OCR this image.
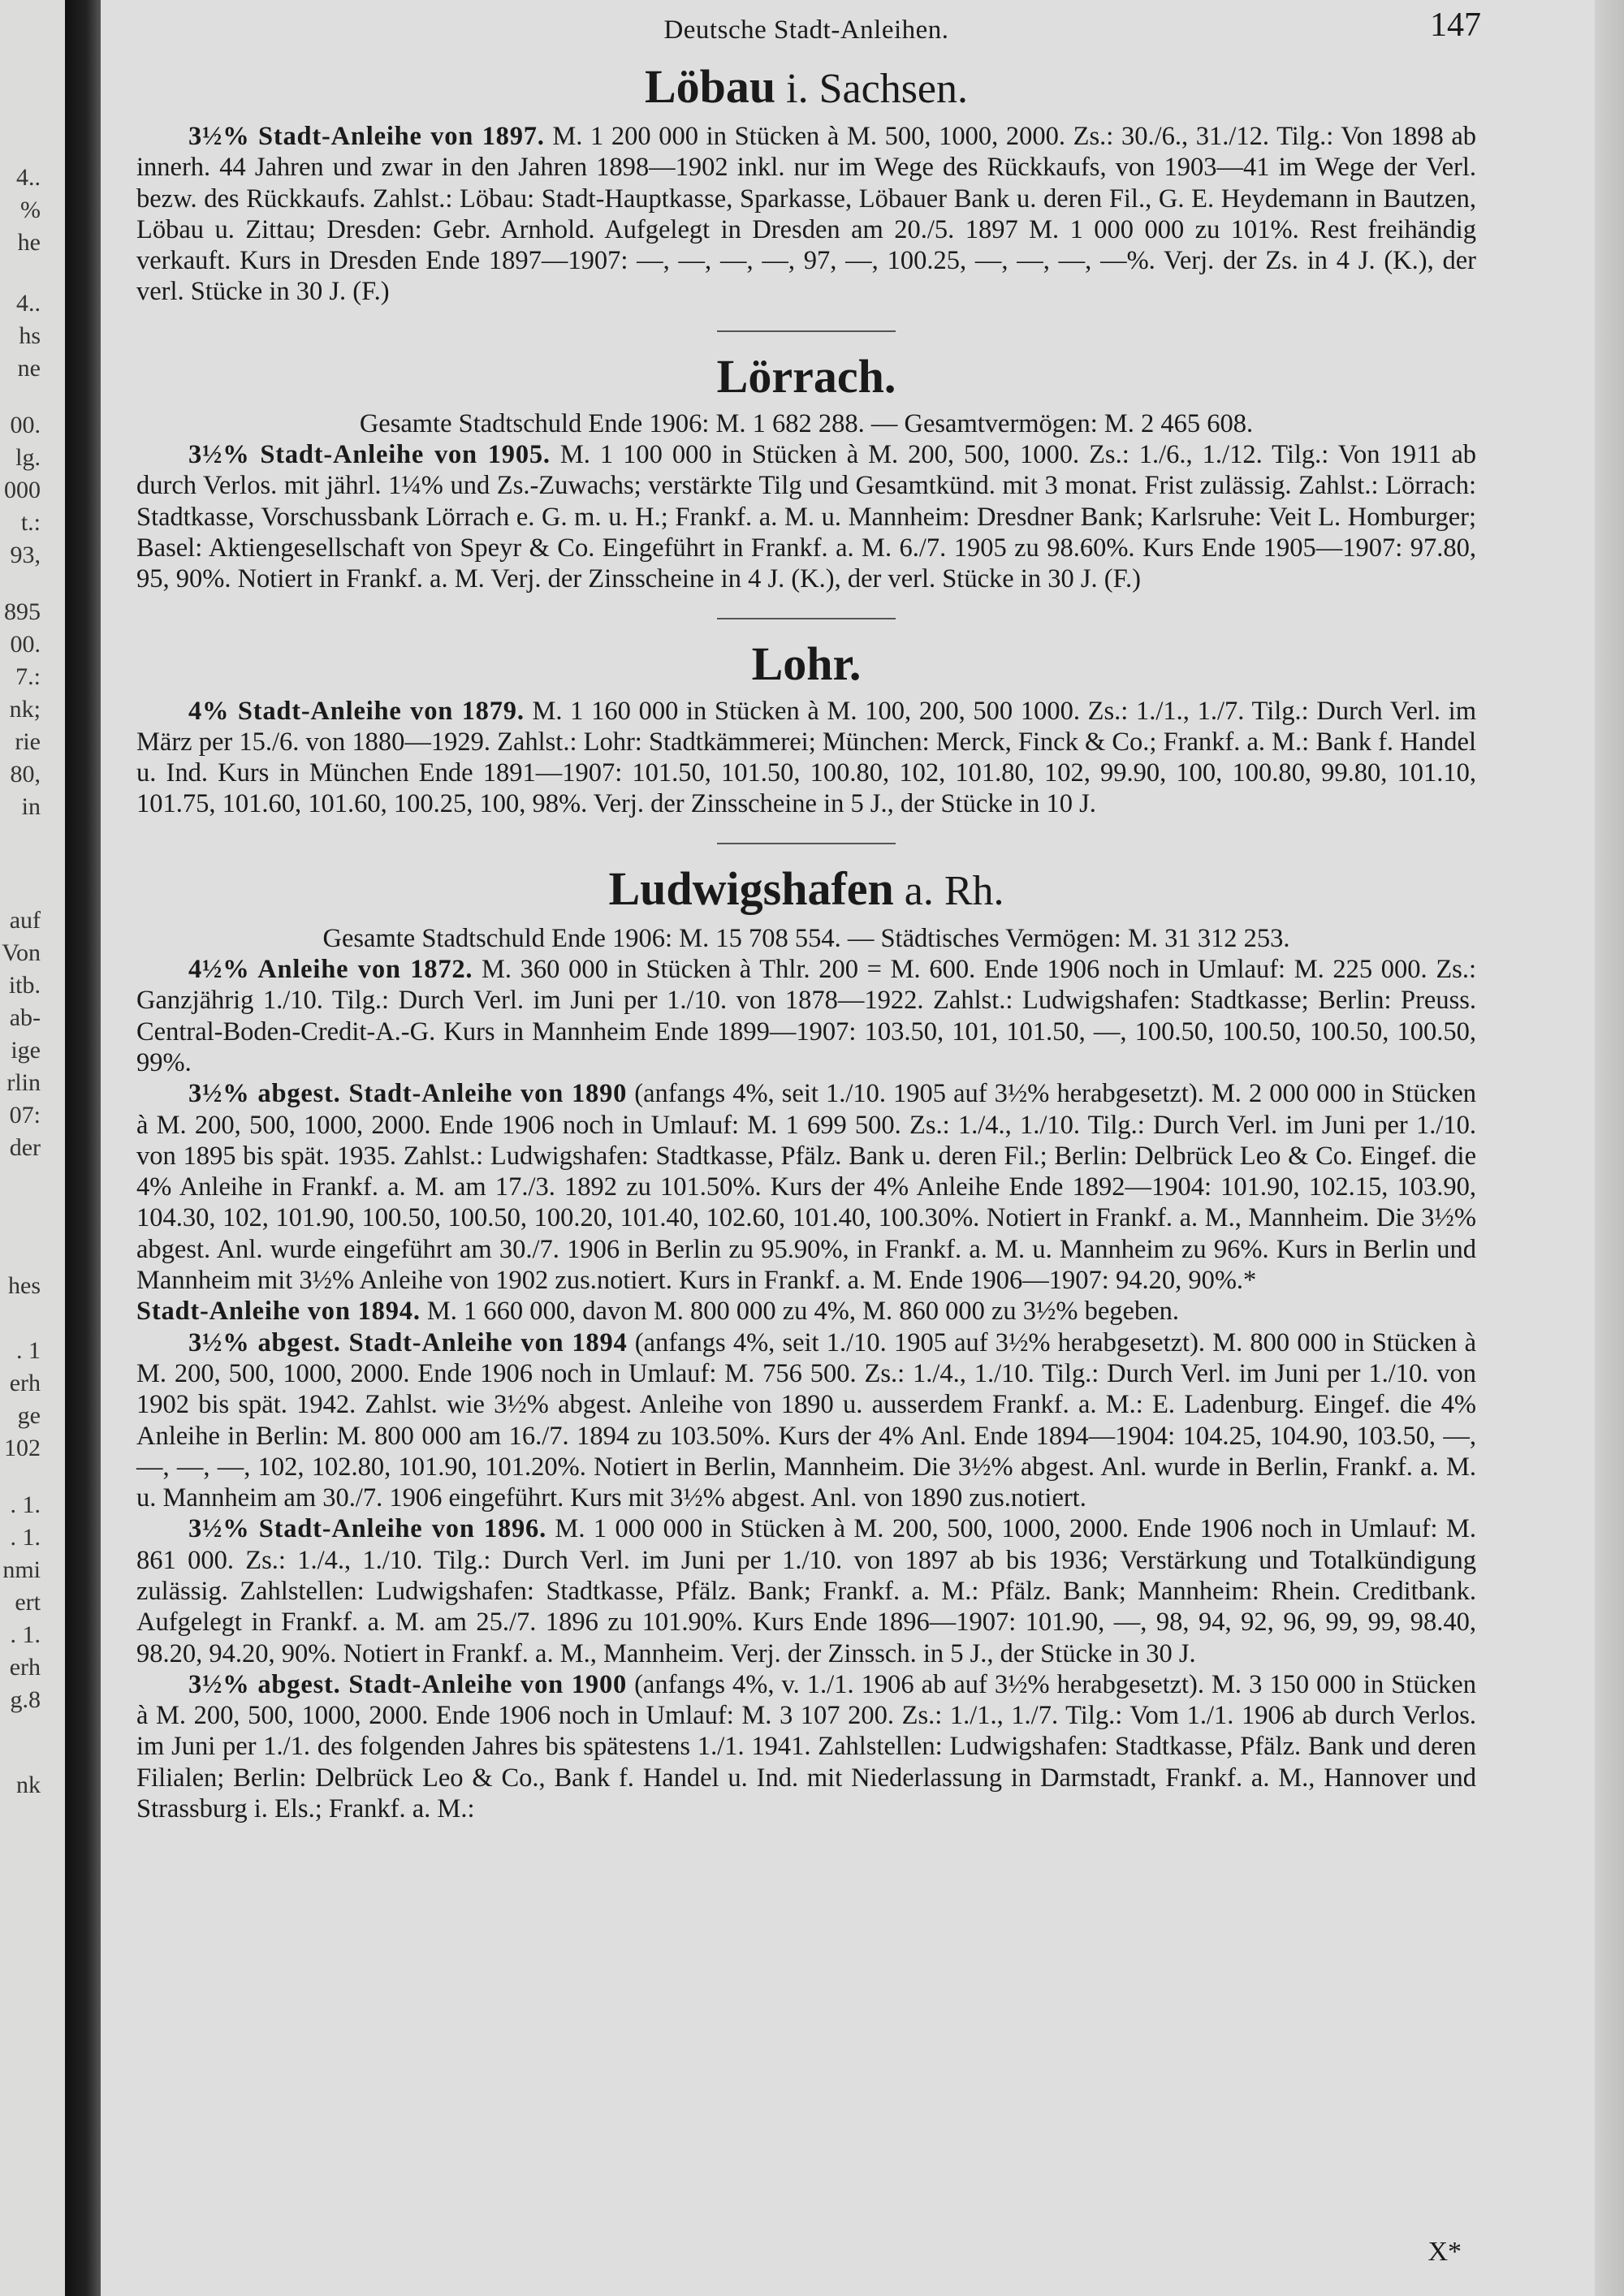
4..
%
he
4..
hs
ne
00.
lg.
000
t.:
93,
895
00.
7.:
nk;
rie
80,
in
auf
Von
itb.
ab-
ige
rlin
07:
der
hes
. 1
erh
ge
102
. 1.
. 1.
nmi
ert
. 1.
erh
g.8
nk
Deutsche Stadt-Anleihen.	147
Löbau i. Sachsen.

3½% Stadt-Anleihe von 1897. M. 1 200 000 in Stücken à M. 500, 1000, 2000. Zs.: 30./6., 31./12. Tilg.: Von 1898 ab innerh. 44 Jahren und zwar in den Jahren 1898—1902 inkl. nur im Wege des Rückkaufs, von 1903—41 im Wege der Verl. bezw. des Rückkaufs. Zahlst.: Löbau: Stadt-Hauptkasse, Sparkasse, Löbauer Bank u. deren Fil., G. E. Heydemann in Bautzen, Löbau u. Zittau; Dresden: Gebr. Arnhold. Aufgelegt in Dresden am 20./5. 1897 M. 1 000 000 zu 101%. Rest freihändig verkauft. Kurs in Dresden Ende 1897—1907: —, —, —, —, 97, —, 100.25, —, —, —, —%. Verj. der Zs. in 4 J. (K.), der verl. Stücke in 30 J. (F.)

Lörrach.

Gesamte Stadtschuld Ende 1906: M. 1 682 288. — Gesamtvermögen: M. 2 465 608.

3½% Stadt-Anleihe von 1905. M. 1 100 000 in Stücken à M. 200, 500, 1000. Zs.: 1./6., 1./12. Tilg.: Von 1911 ab durch Verlos. mit jährl. 1¼% und Zs.-Zuwachs; verstärkte Tilg und Gesamtkünd. mit 3 monat. Frist zulässig. Zahlst.: Lörrach: Stadtkasse, Vorschussbank Lörrach e. G. m. u. H.; Frankf. a. M. u. Mannheim: Dresdner Bank; Karlsruhe: Veit L. Homburger; Basel: Aktiengesellschaft von Speyr & Co. Eingeführt in Frankf. a. M. 6./7. 1905 zu 98.60%. Kurs Ende 1905—1907: 97.80, 95, 90%. Notiert in Frankf. a. M. Verj. der Zinsscheine in 4 J. (K.), der verl. Stücke in 30 J. (F.)

Lohr.

4% Stadt-Anleihe von 1879. M. 1 160 000 in Stücken à M. 100, 200, 500 1000. Zs.: 1./1., 1./7. Tilg.: Durch Verl. im März per 15./6. von 1880—1929. Zahlst.: Lohr: Stadtkämmerei; München: Merck, Finck & Co.; Frankf. a. M.: Bank f. Handel u. Ind. Kurs in München Ende 1891—1907: 101.50, 101.50, 100.80, 102, 101.80, 102, 99.90, 100, 100.80, 99.80, 101.10, 101.75, 101.60, 101.60, 100.25, 100, 98%. Verj. der Zinsscheine in 5 J., der Stücke in 10 J.

Ludwigshafen a. Rh.

Gesamte Stadtschuld Ende 1906: M. 15 708 554. — Städtisches Vermögen: M. 31 312 253.

4½% Anleihe von 1872. M. 360 000 in Stücken à Thlr. 200 = M. 600. Ende 1906 noch in Umlauf: M. 225 000. Zs.: Ganzjährig 1./10. Tilg.: Durch Verl. im Juni per 1./10. von 1878—1922. Zahlst.: Ludwigshafen: Stadtkasse; Berlin: Preuss. Central-Boden-Credit-A.-G. Kurs in Mannheim Ende 1899—1907: 103.50, 101, 101.50, —, 100.50, 100.50, 100.50, 100.50, 99%.

3½% abgest. Stadt-Anleihe von 1890 (anfangs 4%, seit 1./10. 1905 auf 3½% herabgesetzt). M. 2 000 000 in Stücken à M. 200, 500, 1000, 2000. Ende 1906 noch in Umlauf: M. 1 699 500. Zs.: 1./4., 1./10. Tilg.: Durch Verl. im Juni per 1./10. von 1895 bis spät. 1935. Zahlst.: Ludwigshafen: Stadtkasse, Pfälz. Bank u. deren Fil.; Berlin: Delbrück Leo & Co. Eingef. die 4% Anleihe in Frankf. a. M. am 17./3. 1892 zu 101.50%. Kurs der 4% Anleihe Ende 1892—1904: 101.90, 102.15, 103.90, 104.30, 102, 101.90, 100.50, 100.50, 100.20, 101.40, 102.60, 101.40, 100.30%. Notiert in Frankf. a. M., Mannheim. Die 3½% abgest. Anl. wurde eingeführt am 30./7. 1906 in Berlin zu 95.90%, in Frankf. a. M. u. Mannheim zu 96%. Kurs in Berlin und Mannheim mit 3½% Anleihe von 1902 zus.notiert. Kurs in Frankf. a. M. Ende 1906—1907: 94.20, 90%.*

Stadt-Anleihe von 1894. M. 1 660 000, davon M. 800 000 zu 4%, M. 860 000 zu 3½% begeben.

3½% abgest. Stadt-Anleihe von 1894 (anfangs 4%, seit 1./10. 1905 auf 3½% herabgesetzt). M. 800 000 in Stücken à M. 200, 500, 1000, 2000. Ende 1906 noch in Umlauf: M. 756 500. Zs.: 1./4., 1./10. Tilg.: Durch Verl. im Juni per 1./10. von 1902 bis spät. 1942. Zahlst. wie 3½% abgest. Anleihe von 1890 u. ausserdem Frankf. a. M.: E. Ladenburg. Eingef. die 4% Anleihe in Berlin: M. 800 000 am 16./7. 1894 zu 103.50%. Kurs der 4% Anl. Ende 1894—1904: 104.25, 104.90, 103.50, —, —, —, —, 102, 102.80, 101.90, 101.20%. Notiert in Berlin, Mannheim. Die 3½% abgest. Anl. wurde in Berlin, Frankf. a. M. u. Mannheim am 30./7. 1906 eingeführt. Kurs mit 3½% abgest. Anl. von 1890 zus.notiert.

3½% Stadt-Anleihe von 1896. M. 1 000 000 in Stücken à M. 200, 500, 1000, 2000. Ende 1906 noch in Umlauf: M. 861 000. Zs.: 1./4., 1./10. Tilg.: Durch Verl. im Juni per 1./10. von 1897 ab bis 1936; Verstärkung und Totalkündigung zulässig. Zahlstellen: Ludwigshafen: Stadtkasse, Pfälz. Bank; Frankf. a. M.: Pfälz. Bank; Mannheim: Rhein. Creditbank. Aufgelegt in Frankf. a. M. am 25./7. 1896 zu 101.90%. Kurs Ende 1896—1907: 101.90, —, 98, 94, 92, 96, 99, 99, 98.40, 98.20, 94.20, 90%. Notiert in Frankf. a. M., Mannheim. Verj. der Zinssch. in 5 J., der Stücke in 30 J.

3½% abgest. Stadt-Anleihe von 1900 (anfangs 4%, v. 1./1. 1906 ab auf 3½% herabgesetzt). M. 3 150 000 in Stücken à M. 200, 500, 1000, 2000. Ende 1906 noch in Umlauf: M. 3 107 200. Zs.: 1./1., 1./7. Tilg.: Vom 1./1. 1906 ab durch Verlos. im Juni per 1./1. des folgenden Jahres bis spätestens 1./1. 1941. Zahlstellen: Ludwigshafen: Stadtkasse, Pfälz. Bank und deren Filialen; Berlin: Delbrück Leo & Co., Bank f. Handel u. Ind. mit Niederlassung in Darmstadt, Frankf. a. M., Hannover und Strassburg i. Els.; Frankf. a. M.:

X*
